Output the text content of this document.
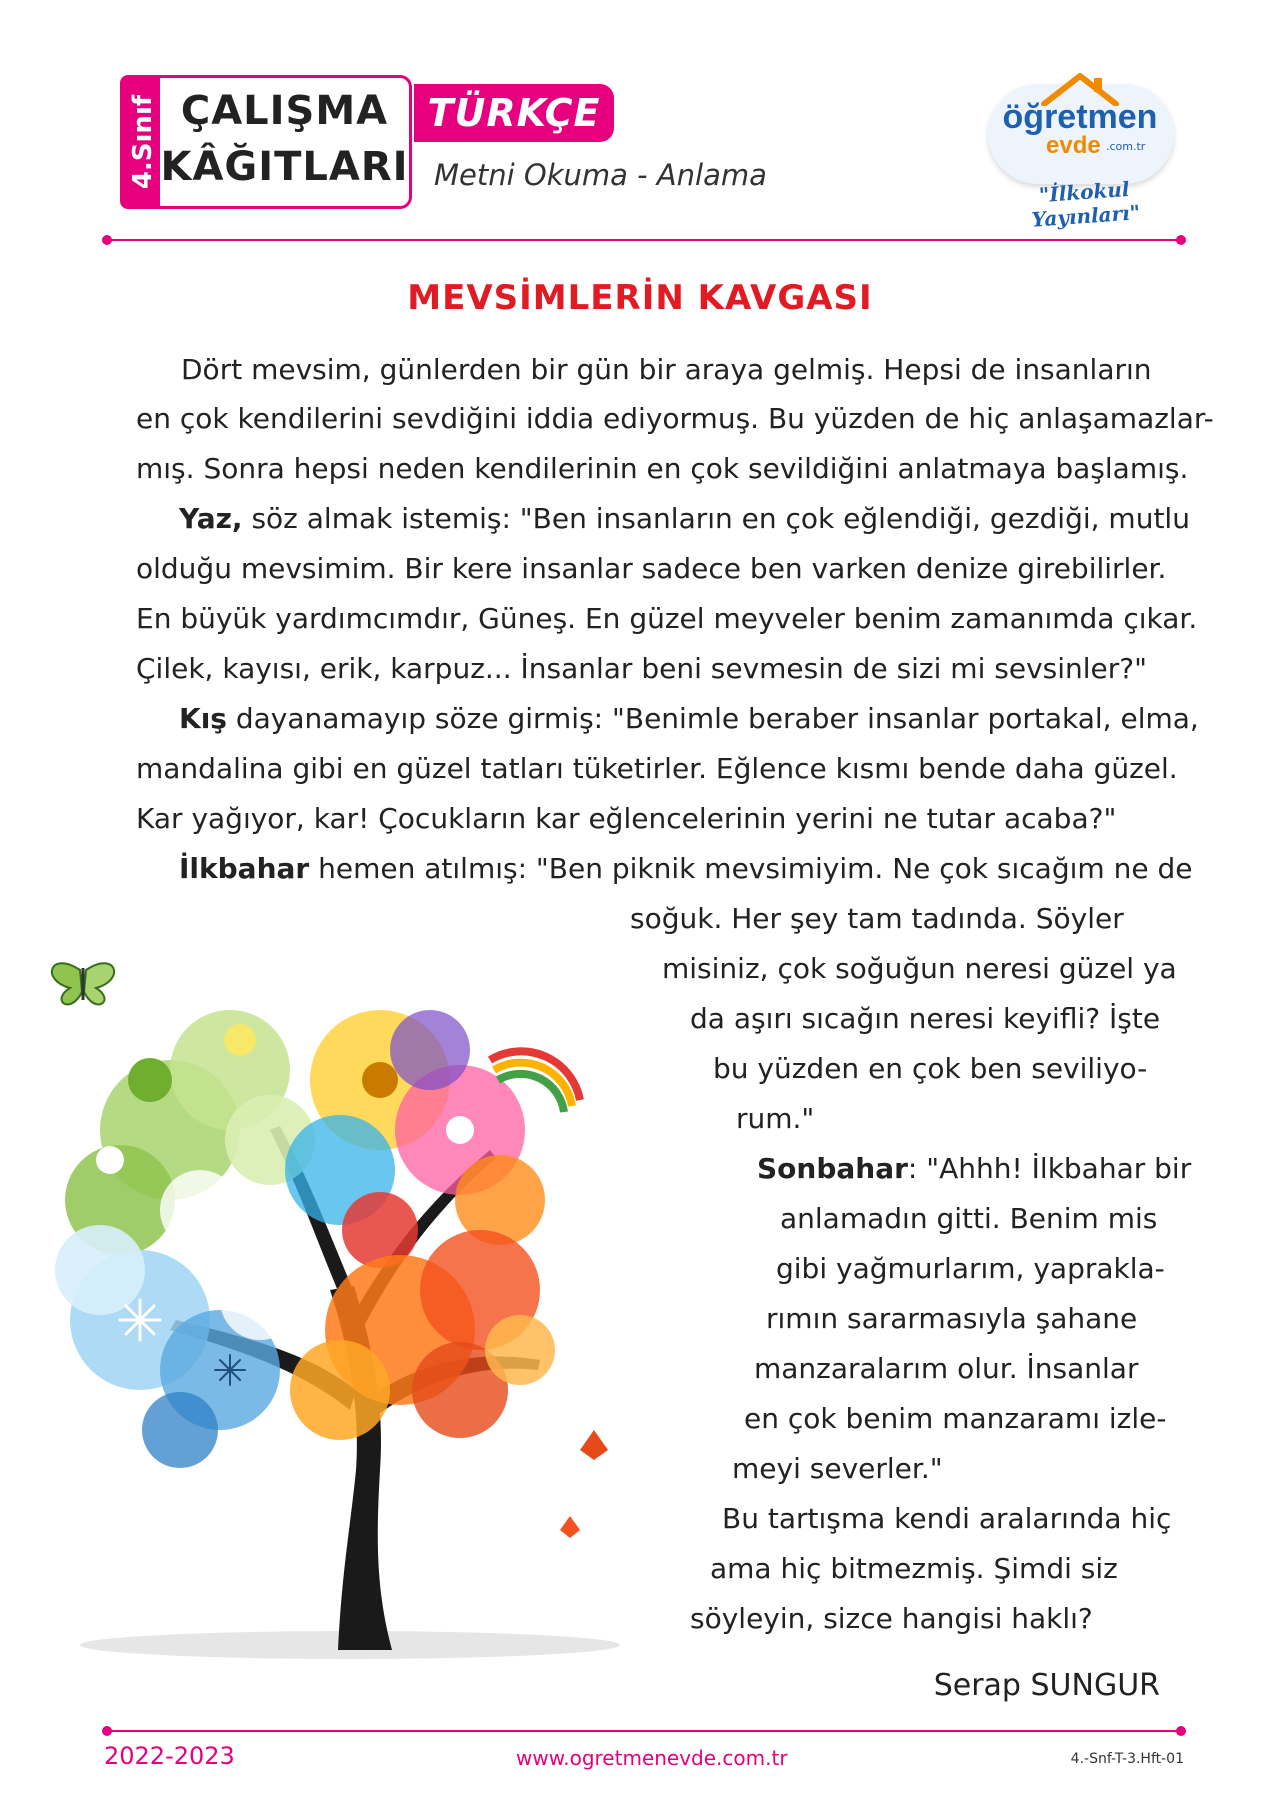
4.Sınıf ÇALIŞMA
KÂĞITLARI
TÜRKÇE
Metni Okuma - Anlama
öğretmen
evde .com.tr
"İlkokul Yayınları"
MEVSİMLERİN KAVGASI
Dört mevsim, günlerden bir gün bir araya gelmiş. Hepsi de insanların
en çok kendilerini sevdiğini iddia ediyormuş. Bu yüzden de hiç anlaşamazlar-
mış. Sonra hepsi neden kendilerinin en çok sevildiğini anlatmaya başlamış.
Yaz, söz almak istemiş: "Ben insanların en çok eğlendiği, gezdiği, mutlu
olduğu mevsimim. Bir kere insanlar sadece ben varken denize girebilirler.
En büyük yardımcımdır, Güneş. En güzel meyveler benim zamanımda çıkar.
Çilek, kayısı, erik, karpuz... İnsanlar beni sevmesin de sizi mi sevsinler?"
Kış dayanamayıp söze girmiş: "Benimle beraber insanlar portakal, elma,
mandalina gibi en güzel tatları tüketirler. Eğlence kısmı bende daha güzel.
Kar yağıyor, kar! Çocukların kar eğlencelerinin yerini ne tutar acaba?"
İlkbahar hemen atılmış: "Ben piknik mevsimiyim. Ne çok sıcağım ne de
soğuk. Her şey tam tadında. Söyler
misiniz, çok soğuğun neresi güzel ya
da aşırı sıcağın neresi keyifli? İşte
bu yüzden en çok ben seviliyo-
rum."
Sonbahar: "Ahhh! İlkbahar bir
anlamadın gitti. Benim mis
gibi yağmurlarım, yaprakla-
rımın sararmasıyla şahane
manzaralarım olur. İnsanlar
en çok benim manzaramı izle-
meyi severler."
Bu tartışma kendi aralarında hiç
ama hiç bitmezmiş. Şimdi siz
söyleyin, sizce hangisi haklı?
Serap SUNGUR
2022-2023	www.ogretmenevde.com.tr	4.-Snf-T-3.Hft-01
